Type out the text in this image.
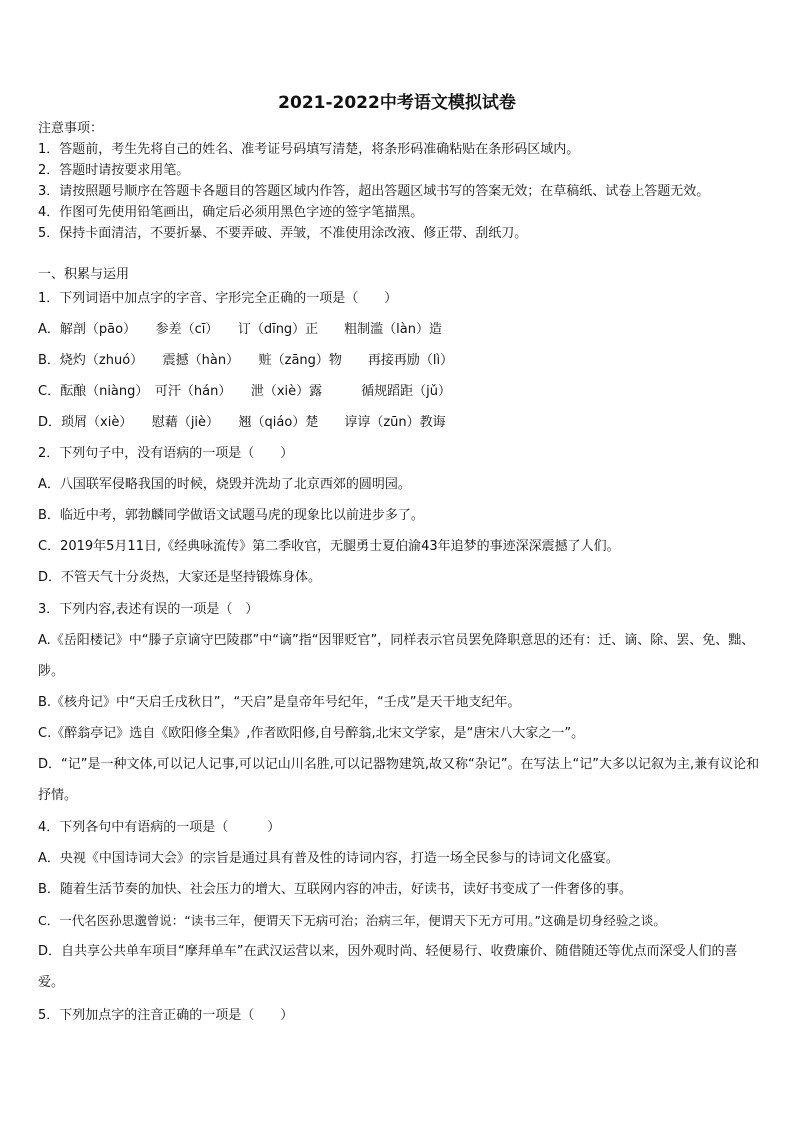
2021-2022中考语文模拟试卷
注意事项：
1．答题前，考生先将自己的姓名、准考证号码填写清楚，将条形码准确粘贴在条形码区域内。
2．答题时请按要求用笔。
3．请按照题号顺序在答题卡各题目的答题区域内作答，超出答题区域书写的答案无效；在草稿纸、试卷上答题无效。
4．作图可先使用铅笔画出，确定后必须用黑色字迹的签字笔描黑。
5．保持卡面清洁，不要折暴、不要弄破、弄皱，不准使用涂改液、修正带、刮纸刀。
一、积累与运用
1．下列词语中加点字的字音、字形完全正确的一项是（　　）
A．解剖（pāo）　　参差（cī）　　订（dīng）正　　粗制滥（làn）造
B．烧灼（zhuó）　　震撼（hàn）　　赃（zāng）物　　再接再励（lì）
C．酝酿（niàng）　可汗（hán）　　泄（xiè）露　　　循规蹈距（jǔ）
D．琐屑（xiè）　　慰藉（jiè）　　翘（qiáo）楚　　谆谆（zūn）教诲
2．下列句子中，没有语病的一项是（　　）
A．八国联军侵略我国的时候，烧毁并洗劫了北京西郊的圆明园。
B．临近中考，郭勃麟同学做语文试题马虎的现象比以前进步多了。
C．2019年5月11日,《经典咏流传》第二季收官，无腿勇士夏伯渝43年追梦的事迹深深震撼了人们。
D．不管天气十分炎热，大家还是坚持锻炼身体。
3．下列内容,表述有误的一项是（　）
A.《岳阳楼记》中“滕子京谪守巴陵郡”中“谪”指“因罪贬官”，同样表示官员罢免降职意思的还有：迁、谪、除、罢、免、黜、陟。
B.《核舟记》中“天启壬戌秋日”，“天启”是皇帝年号纪年，“壬戌”是天干地支纪年。
C.《醉翁亭记》选自《欧阳修全集》,作者欧阳修,自号醉翁,北宋文学家，是“唐宋八大家之一”。
D．“记”是一种文体,可以记人记事,可以记山川名胜,可以记器物建筑,故又称“杂记”。在写法上“记”大多以记叙为主,兼有议论和抒情。
4．下列各句中有语病的一项是（　　　）
A．央视《中国诗词大会》的宗旨是通过具有普及性的诗词内容，打造一场全民参与的诗词文化盛宴。
B．随着生活节奏的加快、社会压力的增大、互联网内容的冲击，好读书，读好书变成了一件奢侈的事。
C．一代名医孙思邈曾说：“读书三年，便谓天下无病可治；治病三年，便谓天下无方可用。”这确是切身经验之谈。
D．自共享公共单车项目“摩拜单车”在武汉运营以来，因外观时尚、轻便易行、收费廉价、随借随还等优点而深受人们的喜爱。
5．下列加点字的注音正确的一项是（　　）
